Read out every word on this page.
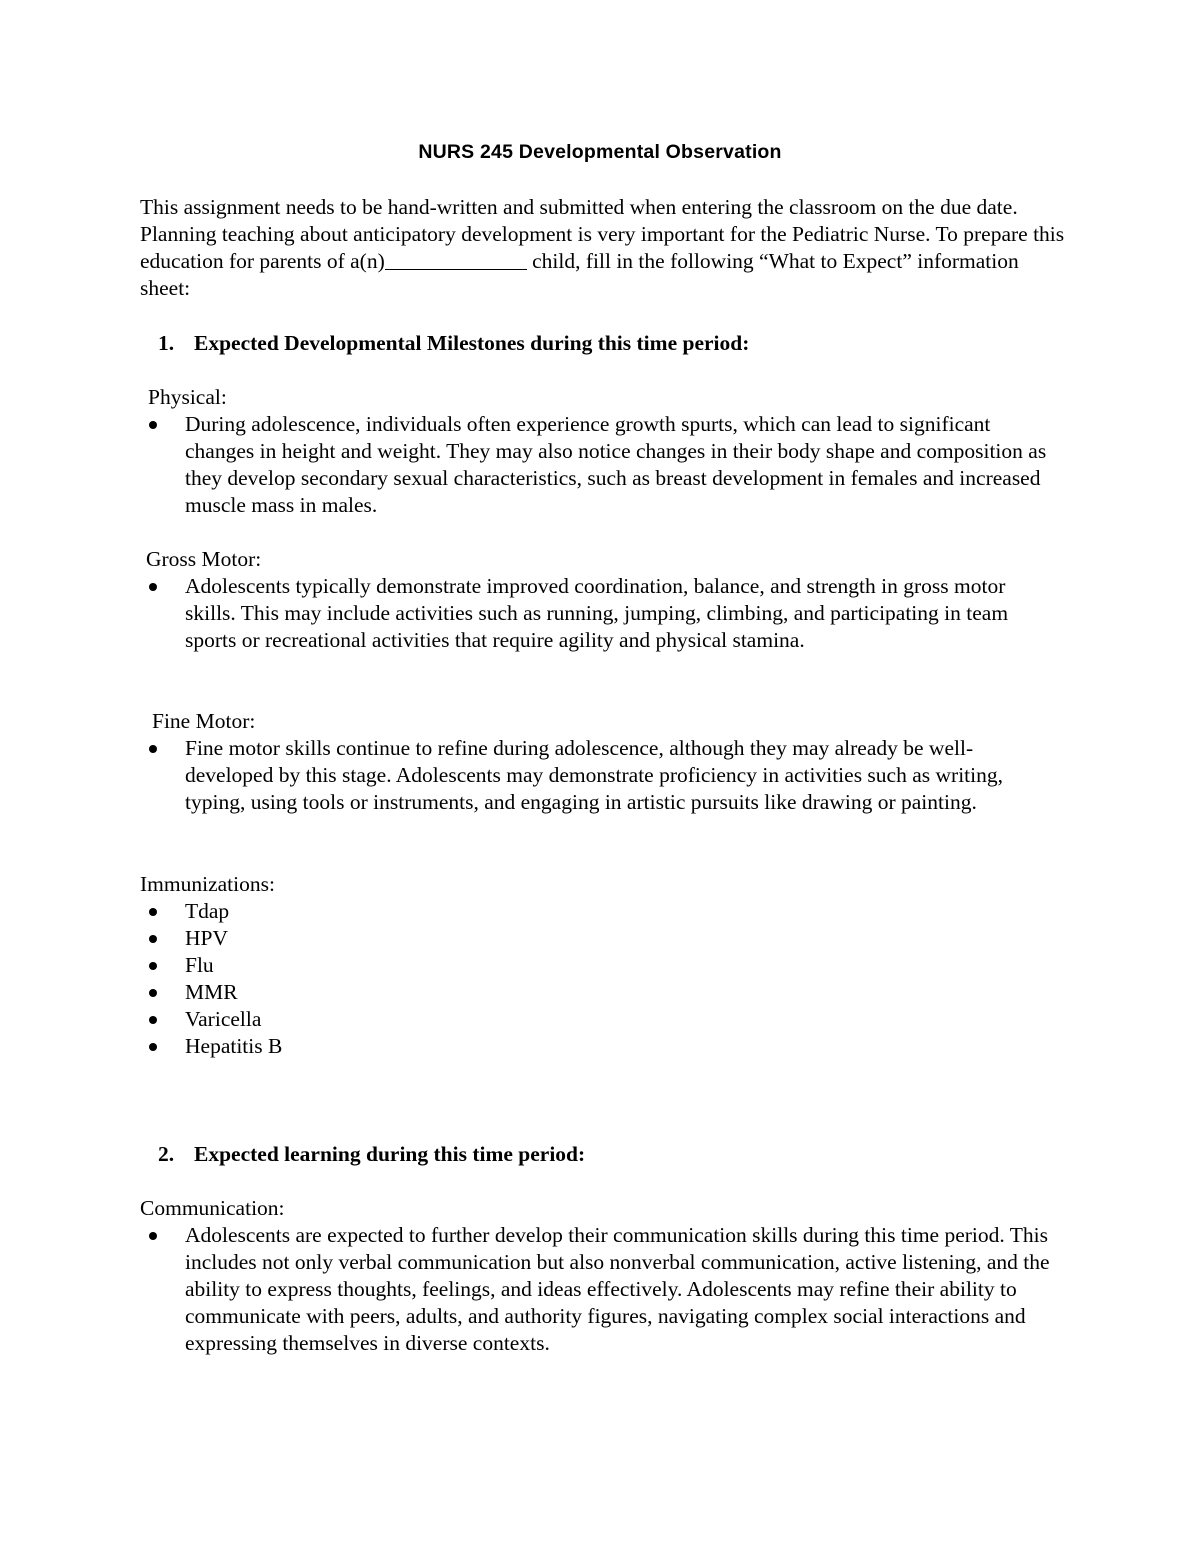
NURS 245 Developmental Observation

This assignment needs to be hand-written and submitted when entering the classroom on the due date. Planning teaching about anticipatory development is very important for the Pediatric Nurse. To prepare this education for parents of a(n)	child, fill in the following “What to Expect” information sheet:

1. Expected Developmental Milestones during this time period:
Physical:
During adolescence, individuals often experience growth spurts, which can lead to significant changes in height and weight. They may also notice changes in their body shape and composition as they develop secondary sexual characteristics, such as breast development in females and increased muscle mass in males.
Gross Motor:
Adolescents typically demonstrate improved coordination, balance, and strength in gross motor skills. This may include activities such as running, jumping, climbing, and participating in team sports or recreational activities that require agility and physical stamina.
Fine Motor:
Fine motor skills continue to refine during adolescence, although they may already be well-developed by this stage. Adolescents may demonstrate proficiency in activities such as writing, typing, using tools or instruments, and engaging in artistic pursuits like drawing or painting.
Immunizations:
Tdap
HPV
Flu
MMR
Varicella
Hepatitis B
2. Expected learning during this time period:
Communication:
Adolescents are expected to further develop their communication skills during this time period. This includes not only verbal communication but also nonverbal communication, active listening, and the ability to express thoughts, feelings, and ideas effectively. Adolescents may refine their ability to communicate with peers, adults, and authority figures, navigating complex social interactions and expressing themselves in diverse contexts.
